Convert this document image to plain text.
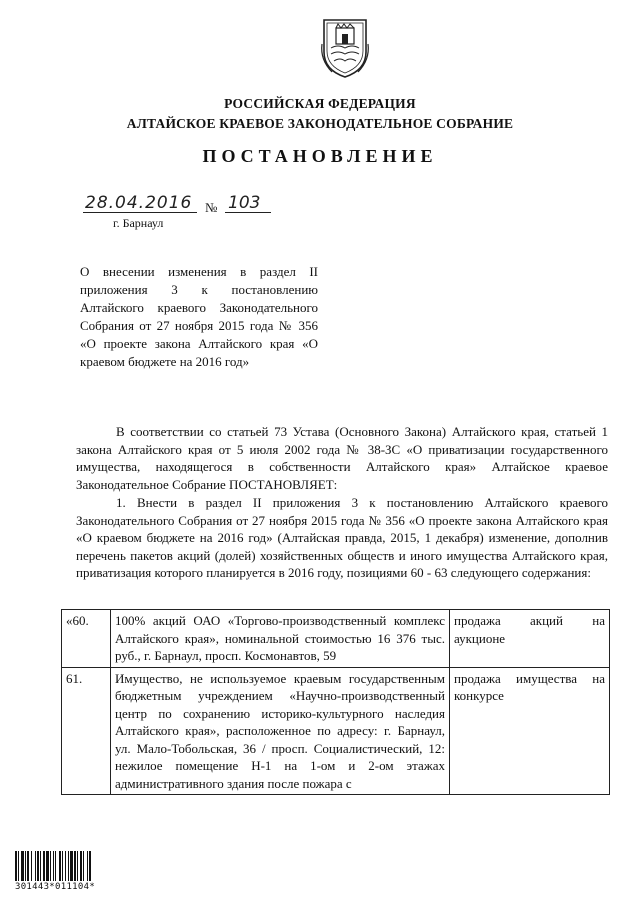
РОССИЙСКАЯ ФЕДЕРАЦИЯ
АЛТАЙСКОЕ КРАЕВОЕ ЗАКОНОДАТЕЛЬНОЕ СОБРАНИЕ
ПОСТАНОВЛЕНИЕ
28.04.2016 № 103
г. Барнаул
О внесении изменения в раздел II приложения 3 к постановлению Алтайского краевого Законодательного Собрания от 27 ноября 2015 года № 356 «О проекте закона Алтайского края «О краевом бюджете на 2016 год»
В соответствии со статьей 73 Устава (Основного Закона) Алтайского края, статьей 1 закона Алтайского края от 5 июля 2002 года № 38-ЗС «О приватизации государственного имущества, находящегося в собственности Алтайского края» Алтайское краевое Законодательное Собрание ПОСТАНОВЛЯЕТ:
1. Внести в раздел II приложения 3 к постановлению Алтайского краевого Законодательного Собрания от 27 ноября 2015 года № 356 «О проекте закона Алтайского края «О краевом бюджете на 2016 год» (Алтайская правда, 2015, 1 декабря) изменение, дополнив перечень пакетов акций (долей) хозяйственных обществ и иного имущества Алтайского края, приватизация которого планируется в 2016 году, позициями 60 - 63 следующего содержания:
«60.	100% акций ОАО «Торгово-производственный комплекс Алтайского края», номинальной стоимостью 16 376 тыс. руб., г. Барнаул, просп. Космонавтов, 59	продажа акций на аукционе
61.	Имущество, не используемое краевым государственным бюджетным учреждением «Научно-производственный центр по сохранению историко-культурного наследия Алтайского края», расположенное по адресу: г. Барнаул, ул. Мало-Тобольская, 36 / просп. Социалистический, 12: нежилое помещение Н-1 на 1-ом и 2-ом этажах административного здания после пожара с	продажа имущества на конкурсе
301443*011104*
